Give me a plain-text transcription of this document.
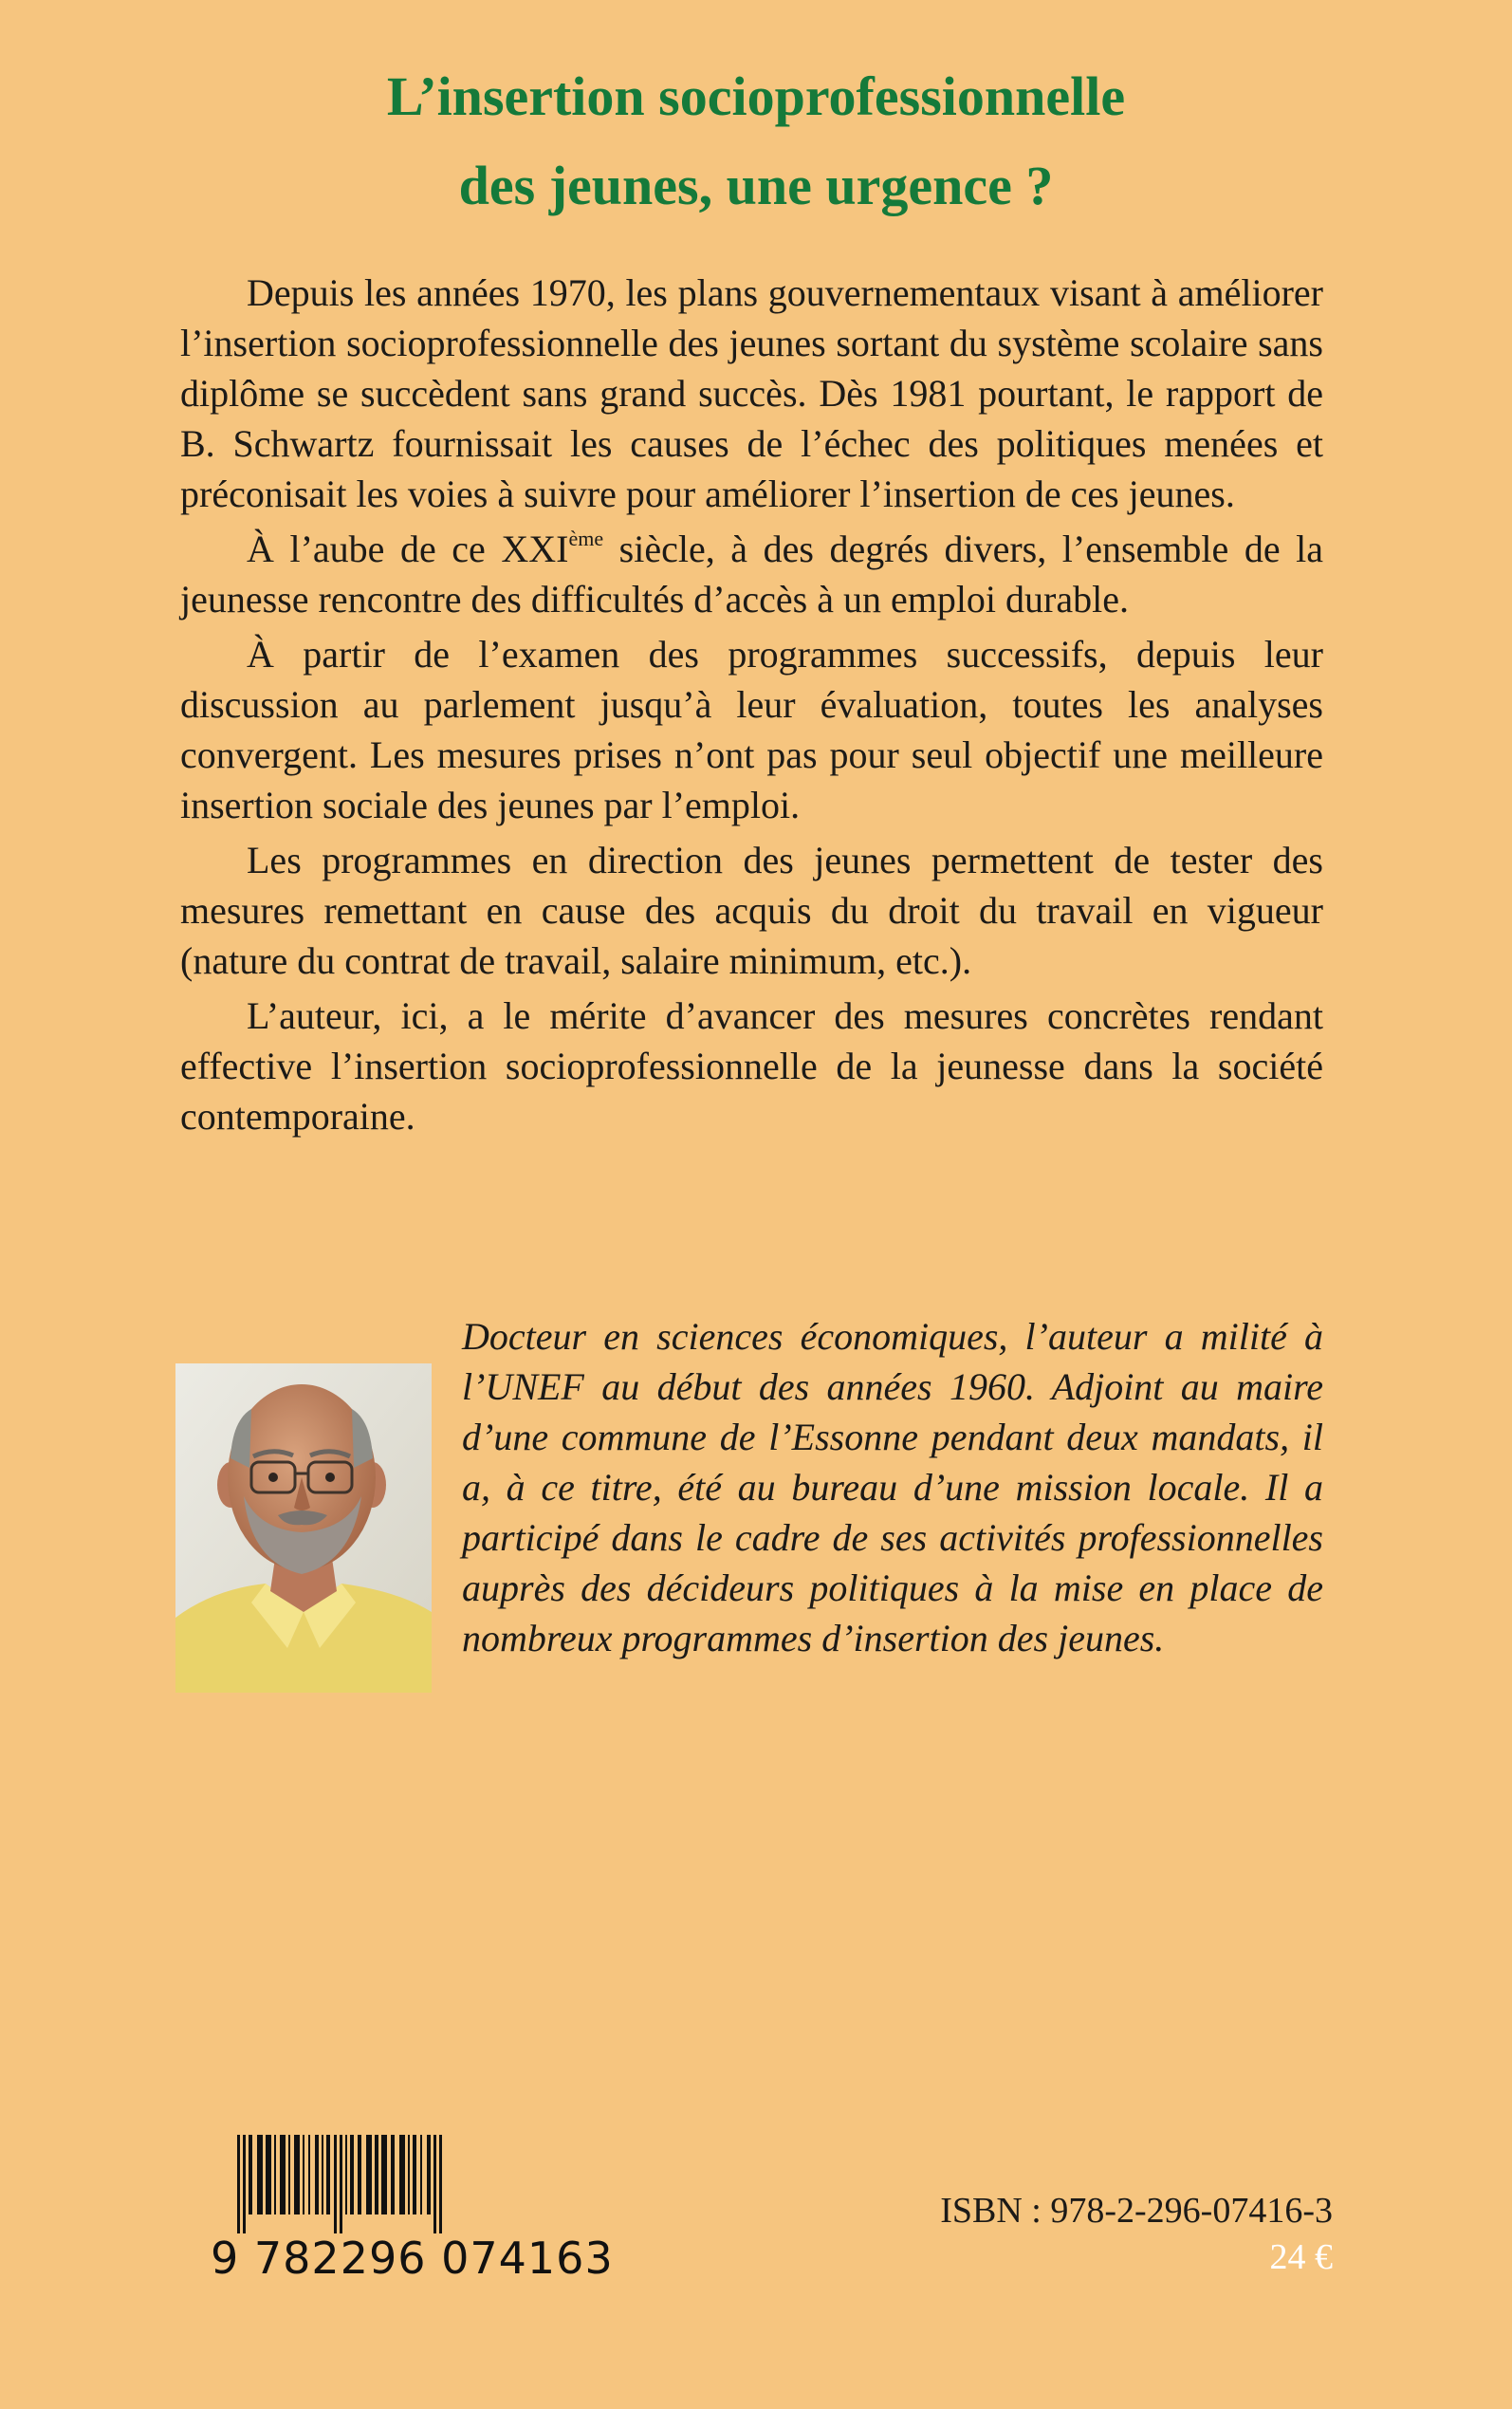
L’insertion socioprofessionnelle
des jeunes, une urgence ?

Depuis les années 1970, les plans gouvernementaux visant à améliorer l’insertion socioprofessionnelle des jeunes sortant du système scolaire sans diplôme se succèdent sans grand succès. Dès 1981 pourtant, le rapport de B. Schwartz fournissait les causes de l’échec des politiques menées et préconisait les voies à suivre pour améliorer l’insertion de ces jeunes.

À l’aube de ce XXIème siècle, à des degrés divers, l’ensemble de la jeunesse rencontre des difficultés d’accès à un emploi durable.

À partir de l’examen des programmes successifs, depuis leur discussion au parlement jusqu’à leur évaluation, toutes les analyses convergent. Les mesures prises n’ont pas pour seul objectif une meilleure insertion sociale des jeunes par l’emploi.

Les programmes en direction des jeunes permettent de tester des mesures remettant en cause des acquis du droit du travail en vigueur (nature du contrat de travail, salaire minimum, etc.).

L’auteur, ici, a le mérite d’avancer des mesures concrètes rendant effective l’insertion socioprofessionnelle de la jeunesse dans la société contemporaine.

Docteur en sciences économiques, l’auteur a milité à l’UNEF au début des années 1960. Adjoint au maire d’une commune de l’Essonne pendant deux mandats, il a, à ce titre, été au bureau d’une mission locale. Il a participé dans le cadre de ses activités professionnelles auprès des décideurs politiques à la mise en place de nombreux programmes d’insertion des jeunes.

9 782296 074163

ISBN : 978-2-296-07416-3

24 €
